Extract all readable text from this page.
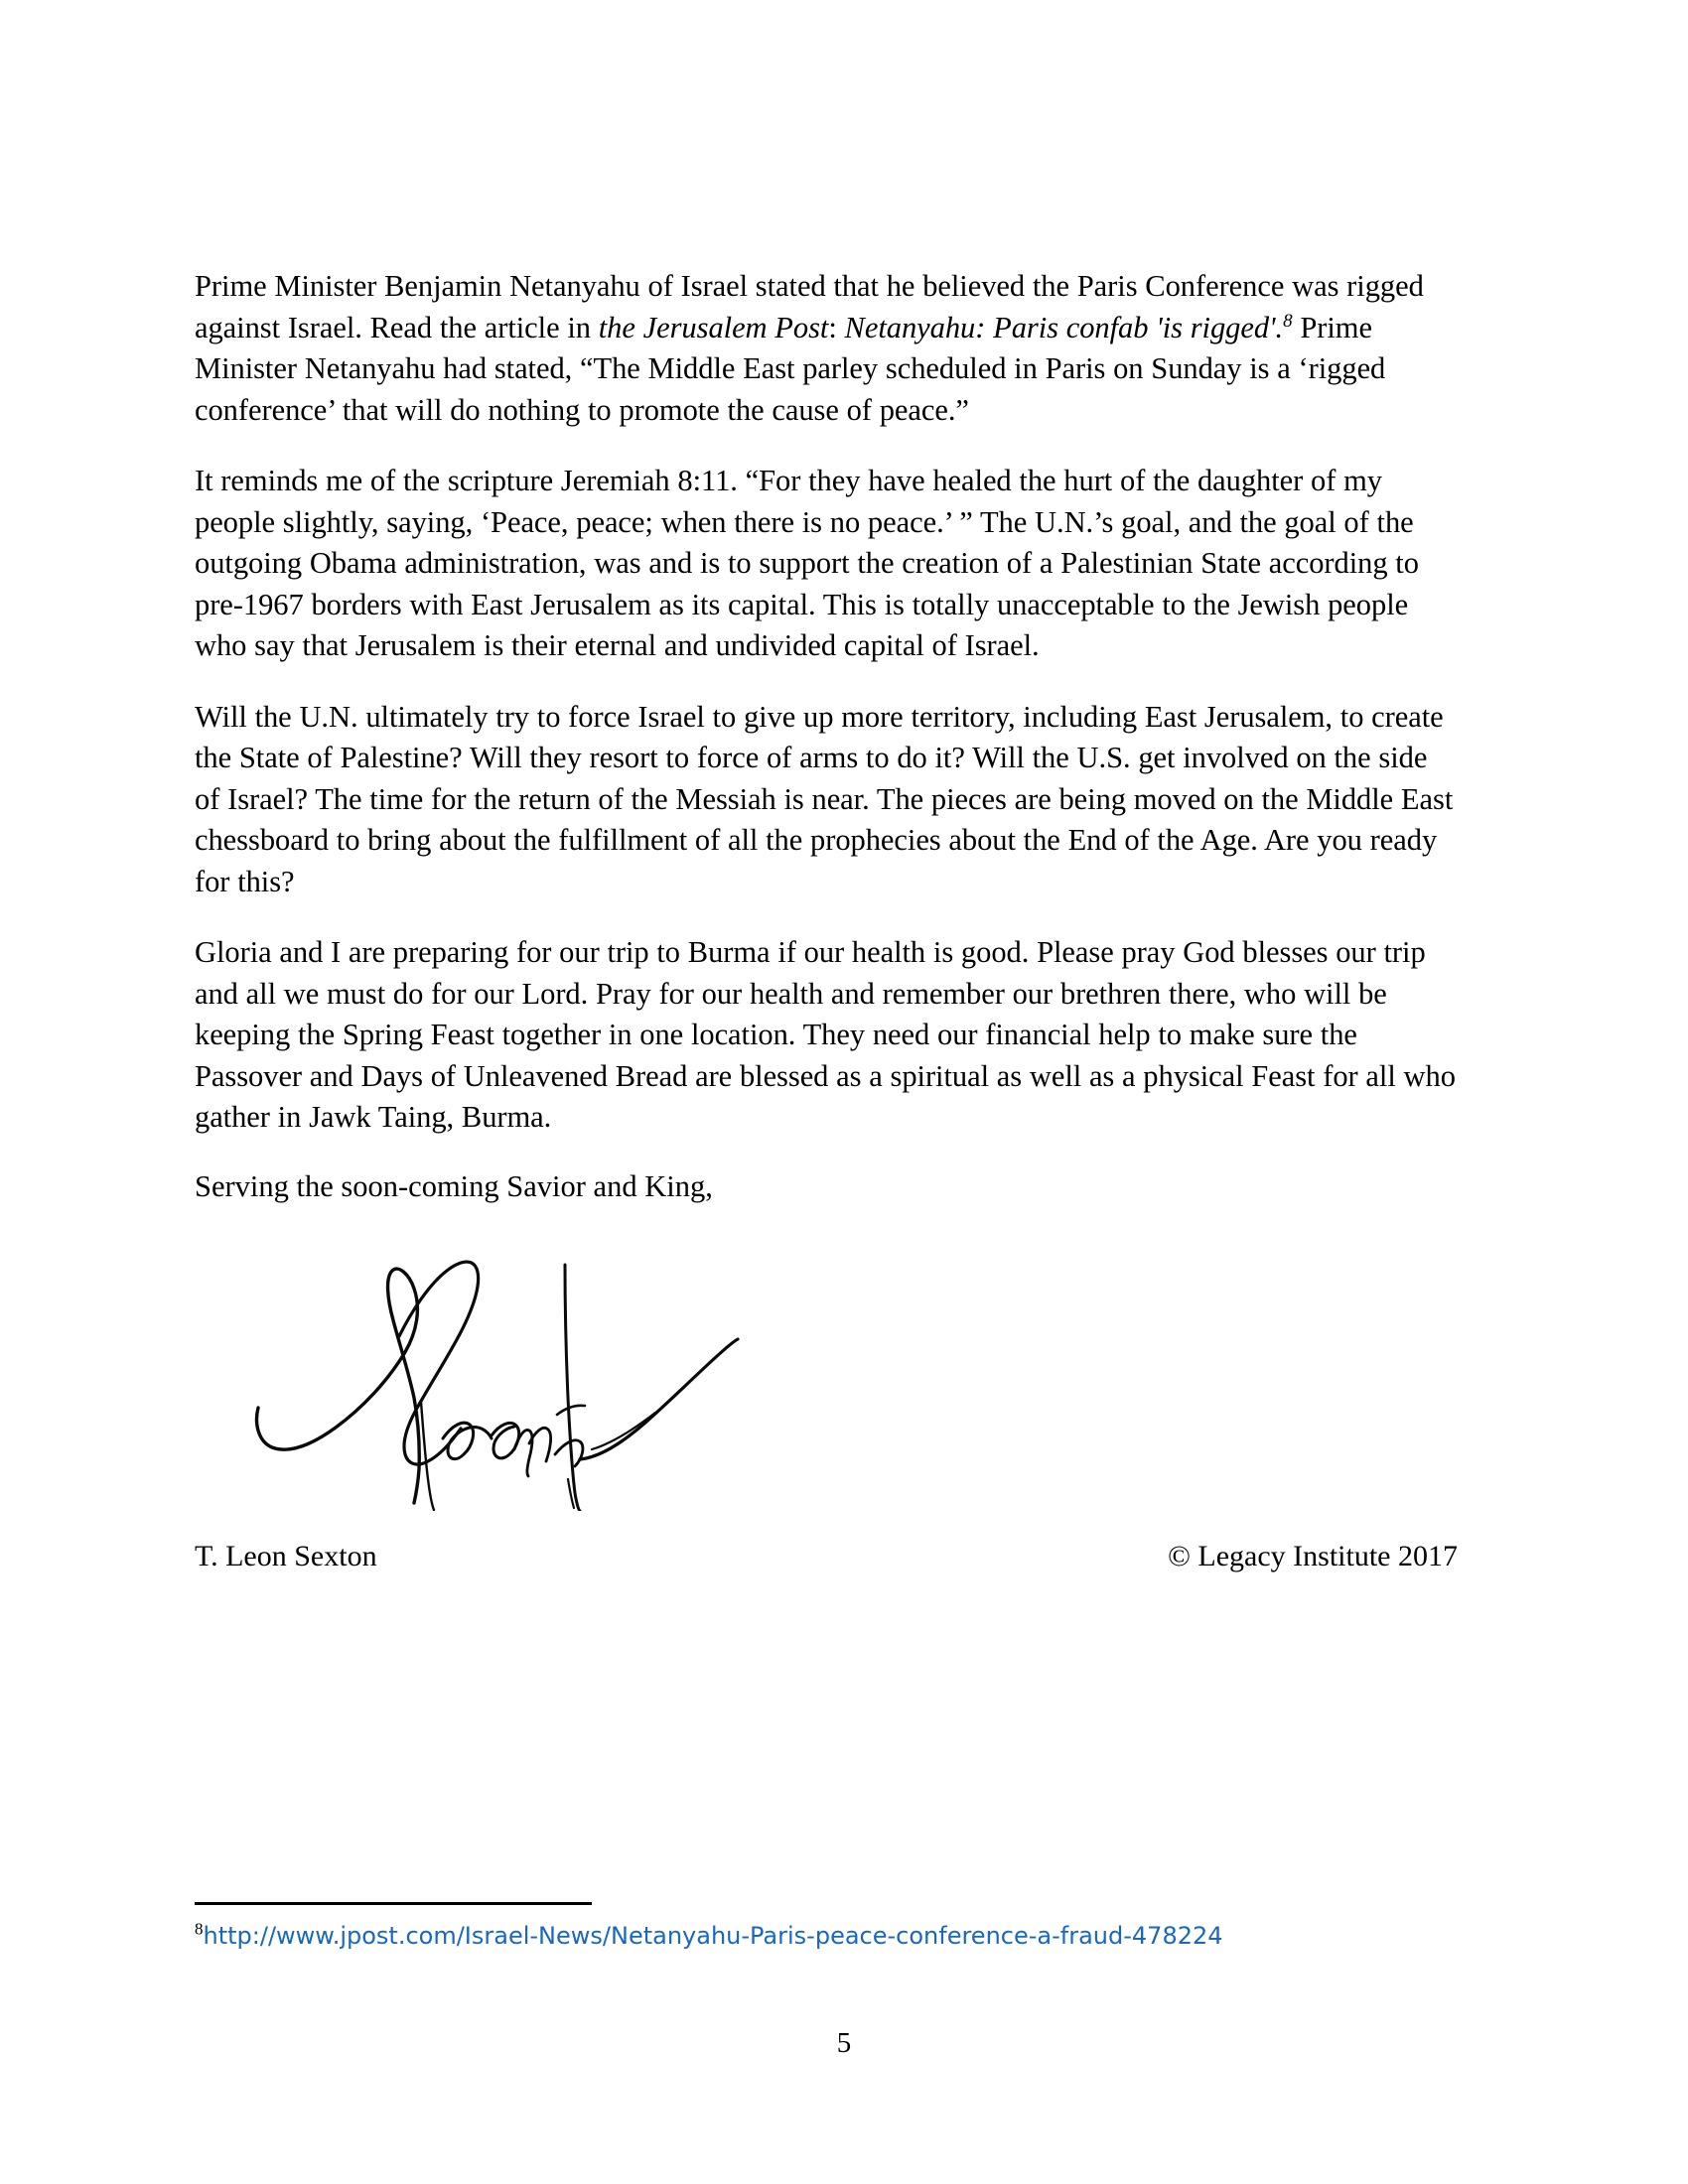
Prime Minister Benjamin Netanyahu of Israel stated that he believed the Paris Conference was rigged against Israel. Read the article in the Jerusalem Post: Netanyahu: Paris confab 'is rigged'.$^8$ Prime Minister Netanyahu had stated, “The Middle East parley scheduled in Paris on Sunday is a ‘rigged conference’ that will do nothing to promote the cause of peace.”

It reminds me of the scripture Jeremiah 8:11. “For they have healed the hurt of the daughter of my people slightly, saying, ‘Peace, peace; when there is no peace.’ ” The U.N.’s goal, and the goal of the outgoing Obama administration, was and is to support the creation of a Palestinian State according to pre-1967 borders with East Jerusalem as its capital. This is totally unacceptable to the Jewish people who say that Jerusalem is their eternal and undivided capital of Israel.

Will the U.N. ultimately try to force Israel to give up more territory, including East Jerusalem, to create the State of Palestine? Will they resort to force of arms to do it? Will the U.S. get involved on the side of Israel? The time for the return of the Messiah is near. The pieces are being moved on the Middle East chessboard to bring about the fulfillment of all the prophecies about the End of the Age. Are you ready for this?

Gloria and I are preparing for our trip to Burma if our health is good. Please pray God blesses our trip and all we must do for our Lord. Pray for our health and remember our brethren there, who will be keeping the Spring Feast together in one location. They need our financial help to make sure the Passover and Days of Unleavened Bread are blessed as a spiritual as well as a physical Feast for all who gather in Jawk Taing, Burma.

Serving the soon-coming Savior and King,

T. Leon Sexton	© Legacy Institute 2017
$^8$http://www.jpost.com/Israel-News/Netanyahu-Paris-peace-conference-a-fraud-478224
5
